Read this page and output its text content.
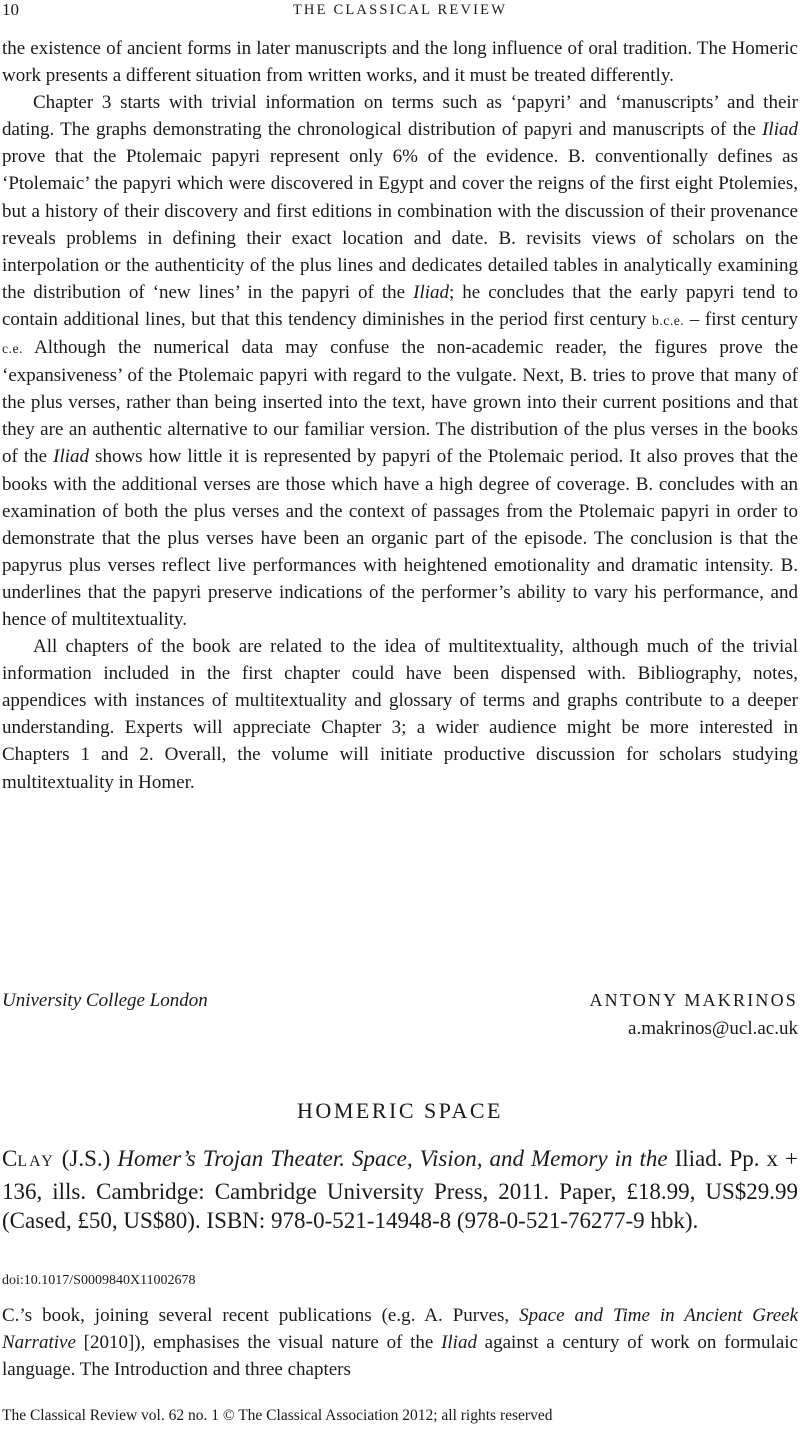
10	THE CLASSICAL REVIEW

the existence of ancient forms in later manuscripts and the long influence of oral tradition. The Homeric work presents a different situation from written works, and it must be treated differently.

Chapter 3 starts with trivial information on terms such as ‘papyri’ and ‘manuscripts’ and their dating. The graphs demonstrating the chronological distribution of papyri and manuscripts of the Iliad prove that the Ptolemaic papyri represent only 6% of the evidence. B. conventionally defines as ‘Ptolemaic’ the papyri which were discovered in Egypt and cover the reigns of the first eight Ptolemies, but a history of their discovery and first editions in combination with the discussion of their provenance reveals problems in defining their exact location and date. B. revisits views of scholars on the interpolation or the authenticity of the plus lines and dedicates detailed tables in analytically examining the distribution of ‘new lines’ in the papyri of the Iliad; he concludes that the early papyri tend to contain additional lines, but that this tendency diminishes in the period first century b.c.e. – first century c.e. Although the numerical data may confuse the non-academic reader, the figures prove the ‘expansiveness’ of the Ptolemaic papyri with regard to the vulgate. Next, B. tries to prove that many of the plus verses, rather than being inserted into the text, have grown into their current positions and that they are an authentic alternative to our familiar version. The distribution of the plus verses in the books of the Iliad shows how little it is represented by papyri of the Ptolemaic period. It also proves that the books with the additional verses are those which have a high degree of coverage. B. concludes with an examination of both the plus verses and the context of passages from the Ptolemaic papyri in order to demonstrate that the plus verses have been an organic part of the episode. The conclusion is that the papyrus plus verses reflect live performances with heightened emotionality and dramatic intensity. B. underlines that the papyri preserve indications of the performer’s ability to vary his performance, and hence of multitextuality.

All chapters of the book are related to the idea of multitextuality, although much of the trivial information included in the first chapter could have been dispensed with. Bibliography, notes, appendices with instances of multitextuality and glossary of terms and graphs contribute to a deeper understanding. Experts will appreciate Chapter 3; a wider audience might be more interested in Chapters 1 and 2. Overall, the volume will initiate productive discussion for scholars studying multitextuality in Homer.

University College London	ANTONY MAKRINOS
a.makrinos@ucl.ac.uk
HOMERIC SPACE
CLAY (J.S.) Homer’s Trojan Theater. Space, Vision, and Memory in the Iliad. Pp. x + 136, ills. Cambridge: Cambridge University Press, 2011. Paper, £18.99, US$29.99 (Cased, £50, US$80). ISBN: 978-0-521-14948-8 (978-0-521-76277-9 hbk).
doi:10.1017/S0009840X11002678
C.’s book, joining several recent publications (e.g. A. Purves, Space and Time in Ancient Greek Narrative [2010]), emphasises the visual nature of the Iliad against a century of work on formulaic language. The Introduction and three chapters
The Classical Review vol. 62 no. 1 © The Classical Association 2012; all rights reserved
